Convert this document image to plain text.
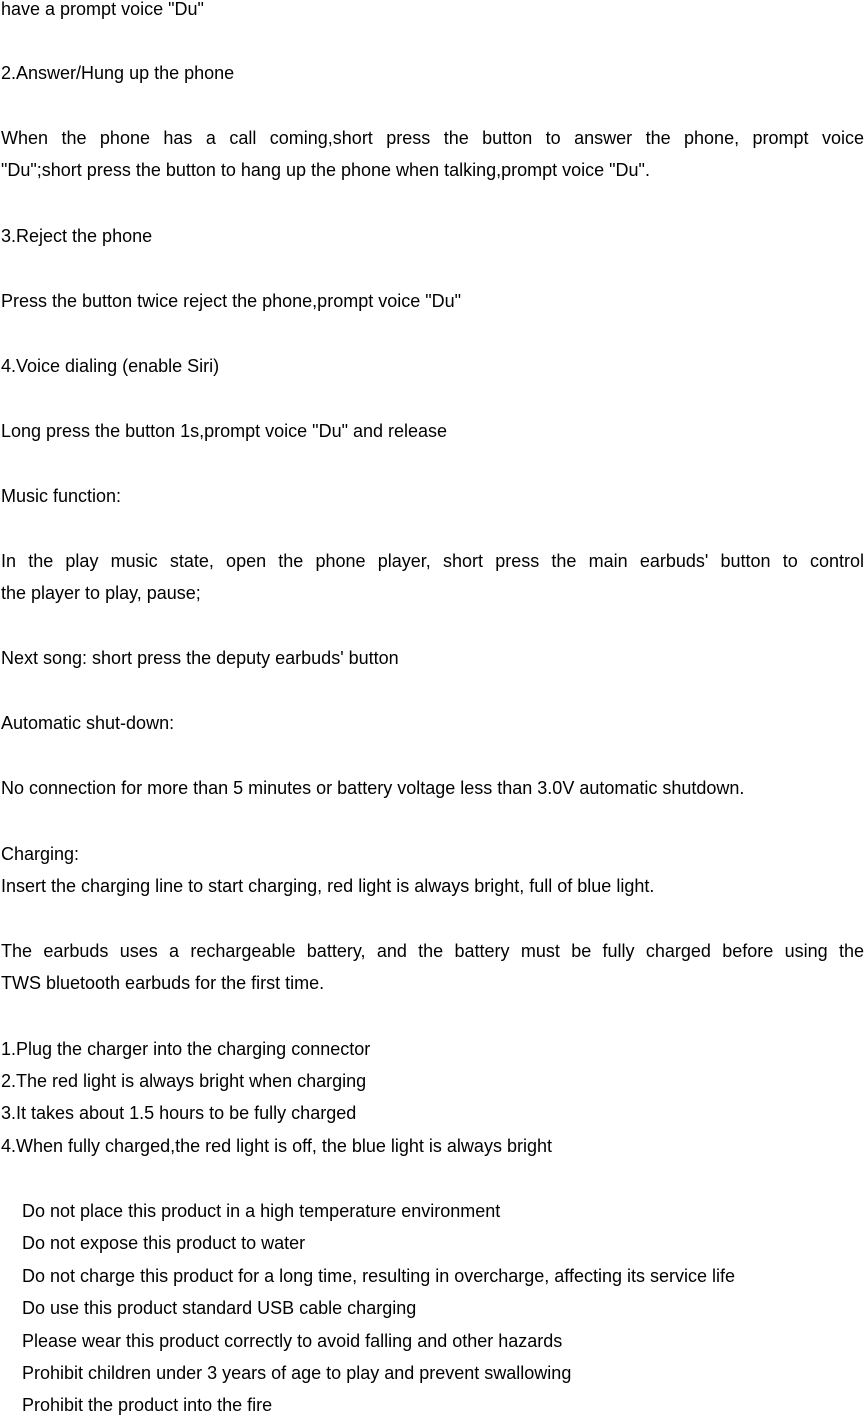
have a prompt voice "Du"
2.Answer/Hung up the phone
When the phone has a call coming,short press the button to answer the phone, prompt voice
"Du";short press the button to hang up the phone when talking,prompt voice "Du".
3.Reject the phone
Press the button twice reject the phone,prompt voice "Du"
4.Voice dialing (enable Siri)
Long press the button 1s,prompt voice "Du" and release
Music function:
In the play music state, open the phone player, short press the main earbuds' button to control
the player to play, pause;
Next song: short press the deputy earbuds' button
Automatic shut-down:
No connection for more than 5 minutes or battery voltage less than 3.0V automatic shutdown.
Charging:
Insert the charging line to start charging, red light is always bright, full of blue light.
The earbuds uses a rechargeable battery, and the battery must be fully charged before using the
TWS bluetooth earbuds for the first time.
1.Plug the charger into the charging connector
2.The red light is always bright when charging
3.It takes about 1.5 hours to be fully charged
4.When fully charged,the red light is off, the blue light is always bright
Do not place this product in a high temperature environment
Do not expose this product to water
Do not charge this product for a long time, resulting in overcharge, affecting its service life
Do use this product standard USB cable charging
Please wear this product correctly to avoid falling and other hazards
Prohibit children under 3 years of age to play and prevent swallowing
Prohibit the product into the fire
